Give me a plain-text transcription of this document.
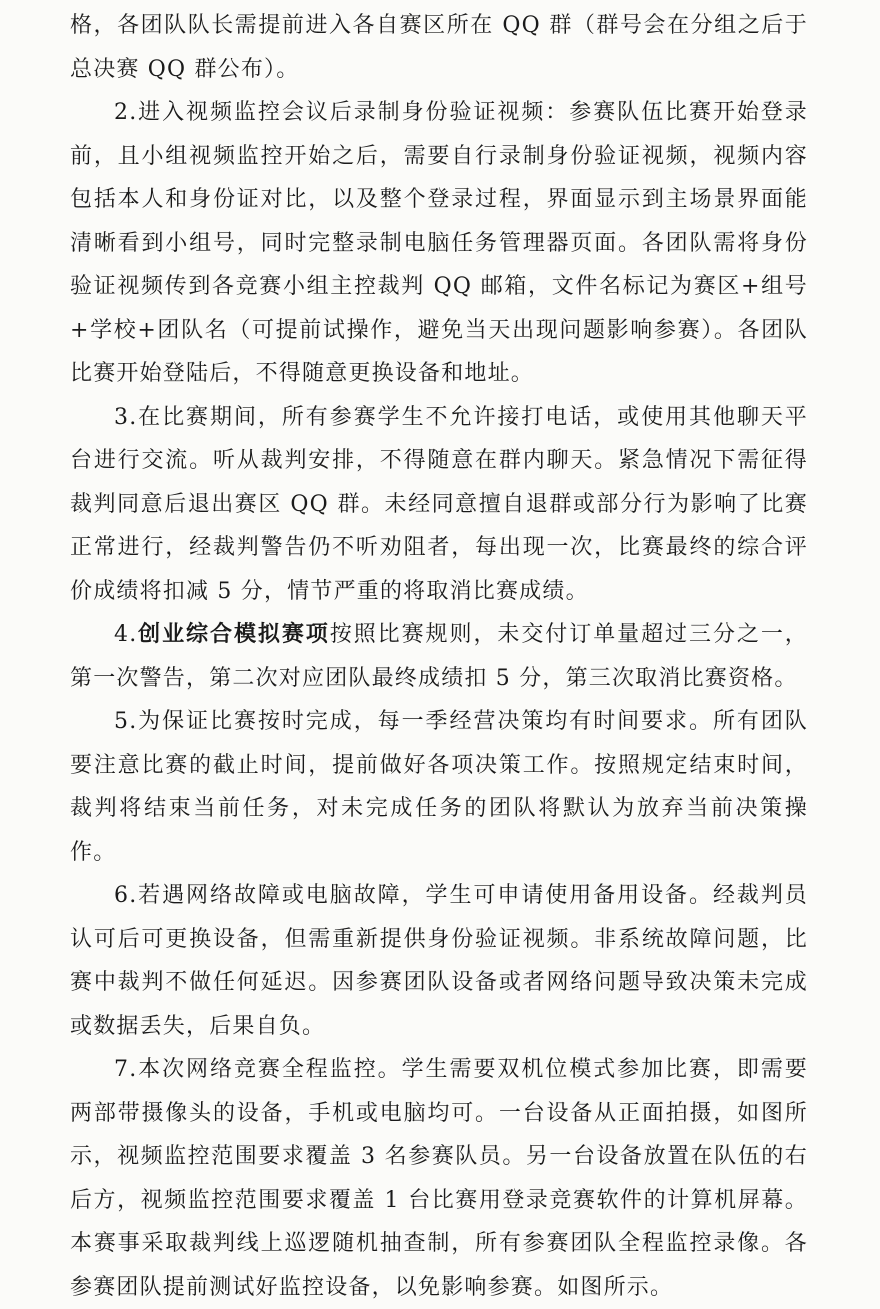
格，各团队队长需提前进入各自赛区所在 QQ 群（群号会在分组之后于总决赛 QQ 群公布）。

2.进入视频监控会议后录制身份验证视频：参赛队伍比赛开始登录前，且小组视频监控开始之后，需要自行录制身份验证视频，视频内容包括本人和身份证对比，以及整个登录过程，界面显示到主场景界面能清晰看到小组号，同时完整录制电脑任务管理器页面。各团队需将身份验证视频传到各竞赛小组主控裁判 QQ 邮箱，文件名标记为赛区+组号+学校+团队名（可提前试操作，避免当天出现问题影响参赛）。各团队比赛开始登陆后，不得随意更换设备和地址。

3.在比赛期间，所有参赛学生不允许接打电话，或使用其他聊天平台进行交流。听从裁判安排，不得随意在群内聊天。紧急情况下需征得裁判同意后退出赛区 QQ 群。未经同意擅自退群或部分行为影响了比赛正常进行，经裁判警告仍不听劝阻者，每出现一次，比赛最终的综合评价成绩将扣减 5 分，情节严重的将取消比赛成绩。

4.创业综合模拟赛项按照比赛规则，未交付订单量超过三分之一，第一次警告，第二次对应团队最终成绩扣 5 分，第三次取消比赛资格。

5.为保证比赛按时完成，每一季经营决策均有时间要求。所有团队要注意比赛的截止时间，提前做好各项决策工作。按照规定结束时间，裁判将结束当前任务，对未完成任务的团队将默认为放弃当前决策操作。

6.若遇网络故障或电脑故障，学生可申请使用备用设备。经裁判员认可后可更换设备，但需重新提供身份验证视频。非系统故障问题，比赛中裁判不做任何延迟。因参赛团队设备或者网络问题导致决策未完成或数据丢失，后果自负。

7.本次网络竞赛全程监控。学生需要双机位模式参加比赛，即需要两部带摄像头的设备，手机或电脑均可。一台设备从正面拍摄，如图所示，视频监控范围要求覆盖 3 名参赛队员。另一台设备放置在队伍的右后方，视频监控范围要求覆盖 1 台比赛用登录竞赛软件的计算机屏幕。本赛事采取裁判线上巡逻随机抽查制，所有参赛团队全程监控录像。各参赛团队提前测试好监控设备，以免影响参赛。如图所示。
